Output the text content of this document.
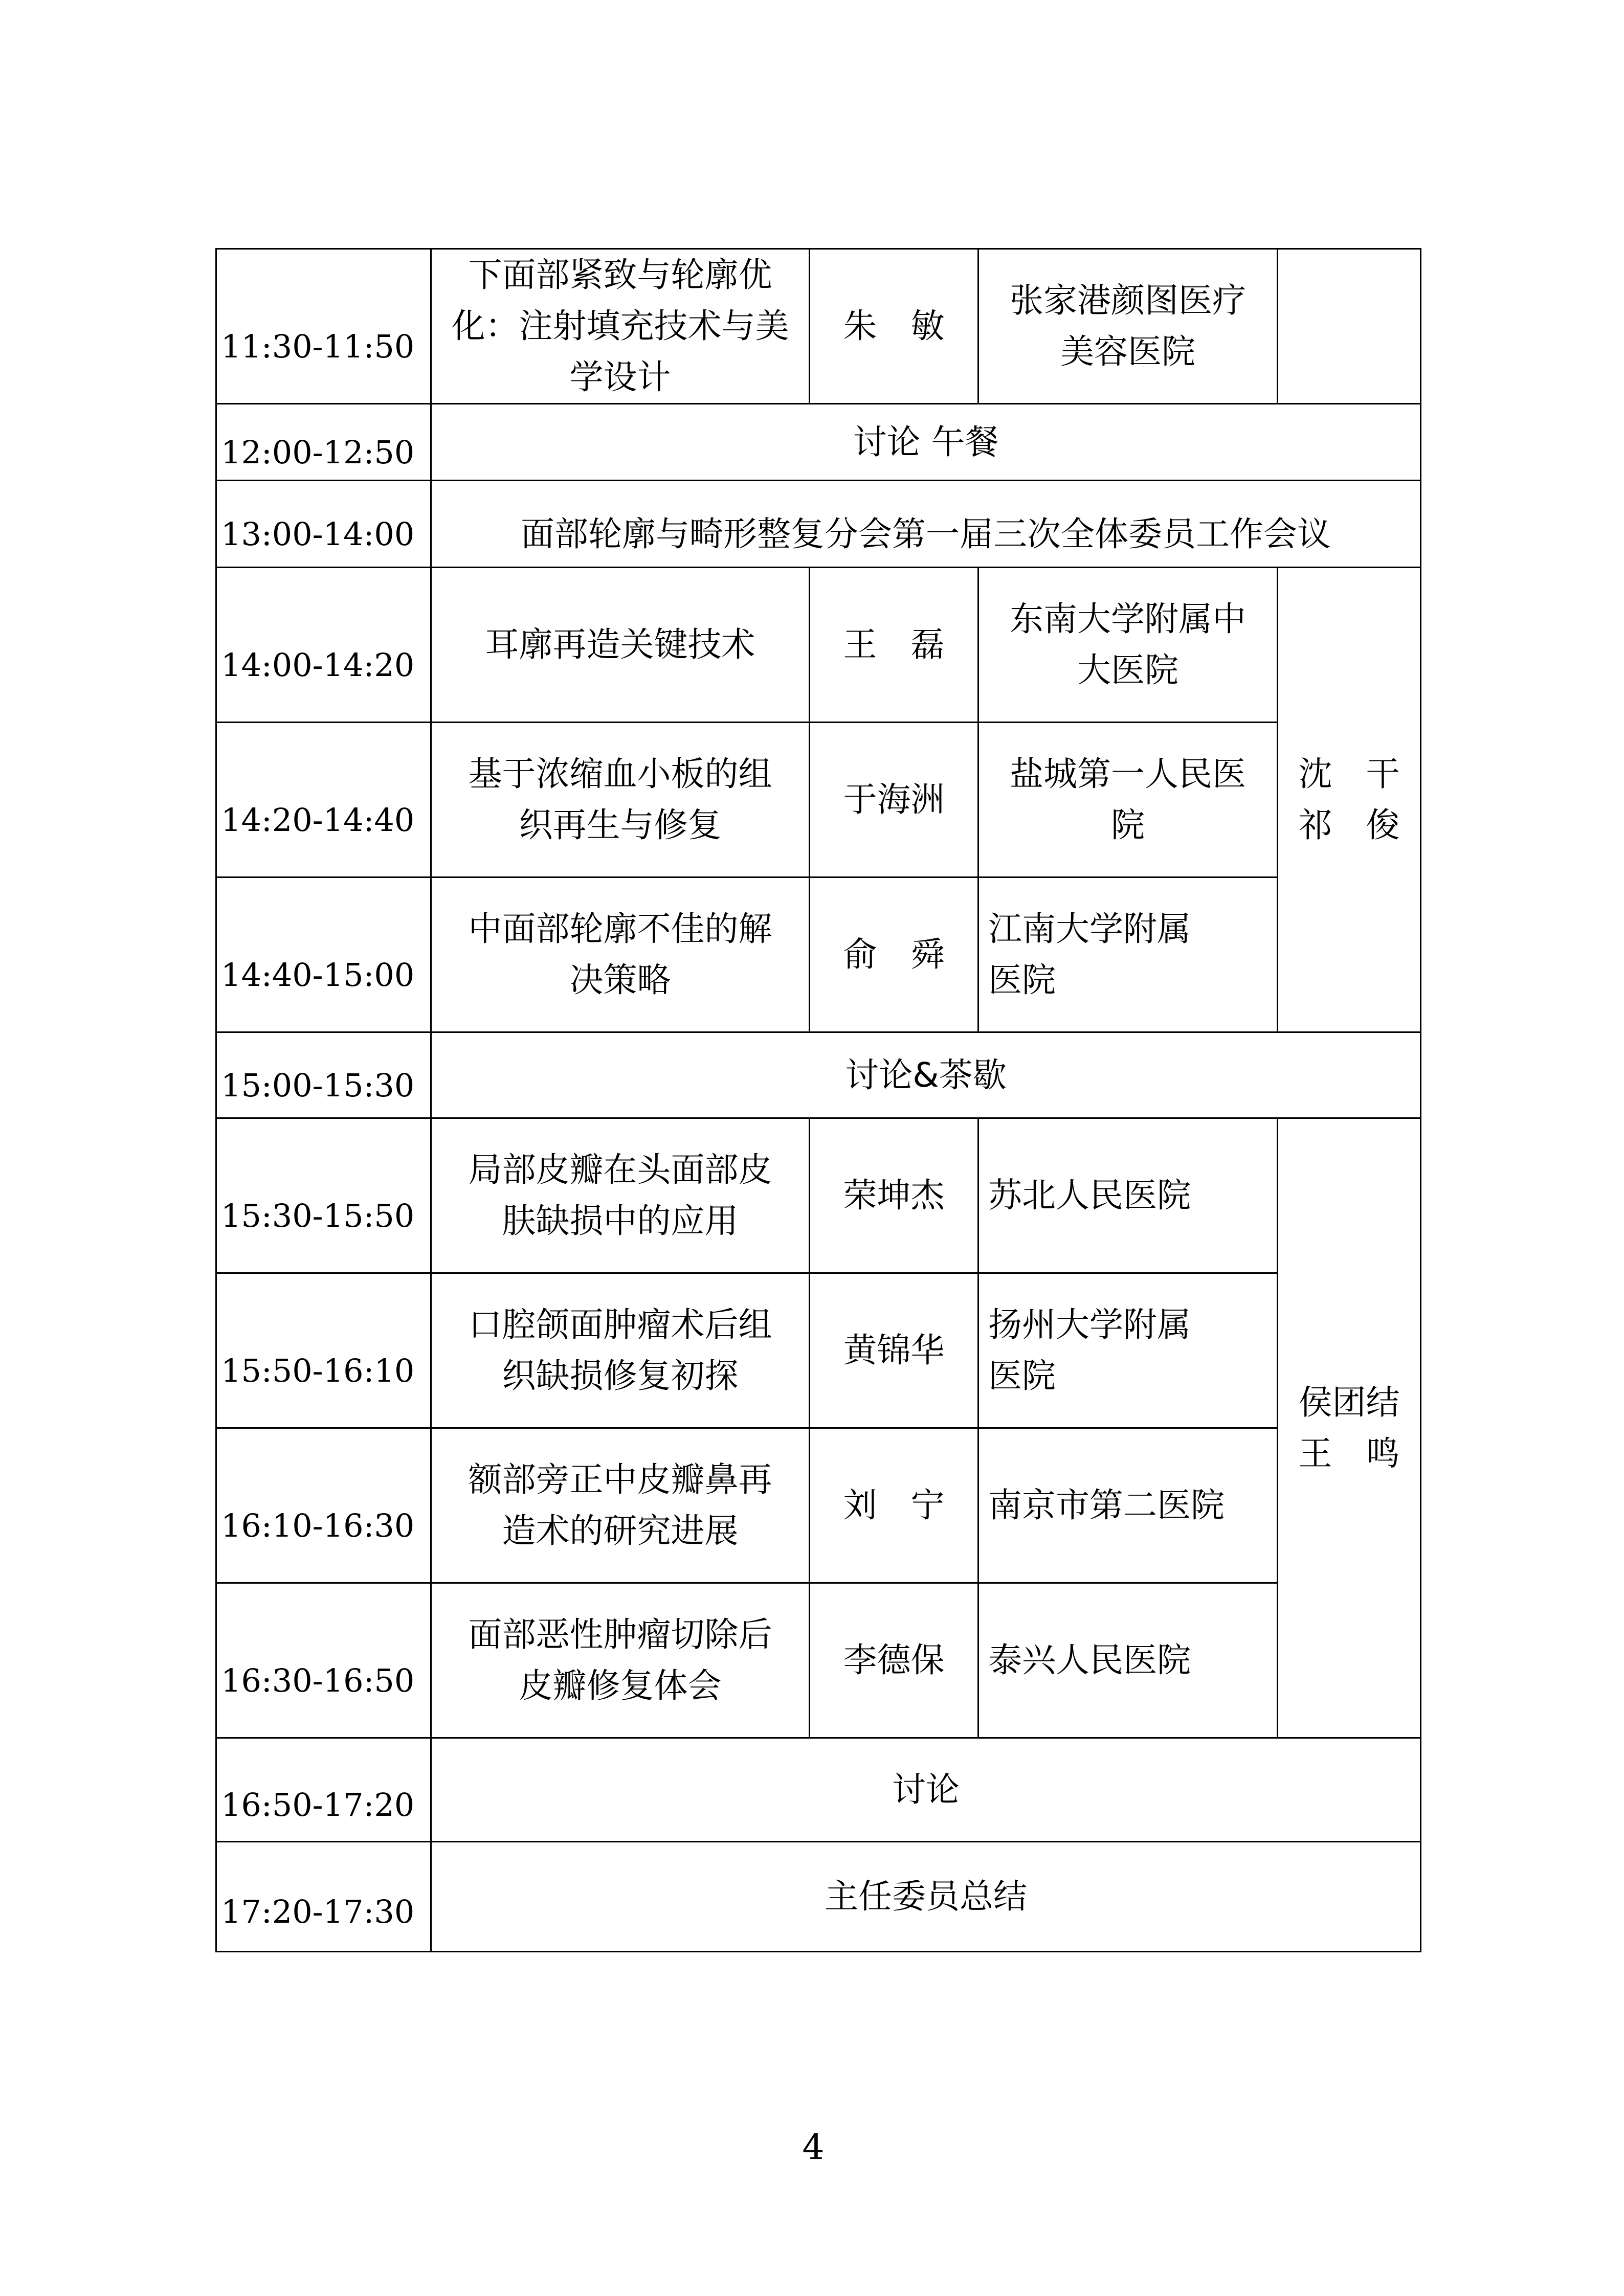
11:30-11:50	下面部紧致与轮廓优
化：注射填充技术与美
学设计	朱　敏	张家港颜图医疗
美容医院	
12:00-12:50	讨论 午餐			
13:00-14:00	面部轮廓与畸形整复分会第一届三次全体委员工作会议			
14:00-14:20	耳廓再造关键技术	王　磊	东南大学附属中
大医院	沈　干
祁　俊
14:20-14:40	基于浓缩血小板的组
织再生与修复	于海洲	盐城第一人民医
院	
14:40-15:00	中面部轮廓不佳的解
决策略	俞　舜	江南大学附属
医院	
15:00-15:30	讨论&茶歇			
15:30-15:50	局部皮瓣在头面部皮
肤缺损中的应用	荣坤杰	苏北人民医院	侯团结
王　鸣
15:50-16:10	口腔颌面肿瘤术后组
织缺损修复初探	黄锦华	扬州大学附属
医院	
16:10-16:30	额部旁正中皮瓣鼻再
造术的研究进展	刘　宁	南京市第二医院	
16:30-16:50	面部恶性肿瘤切除后
皮瓣修复体会	李德保	泰兴人民医院	
16:50-17:20	讨论			
17:20-17:30	主任委员总结			
4
